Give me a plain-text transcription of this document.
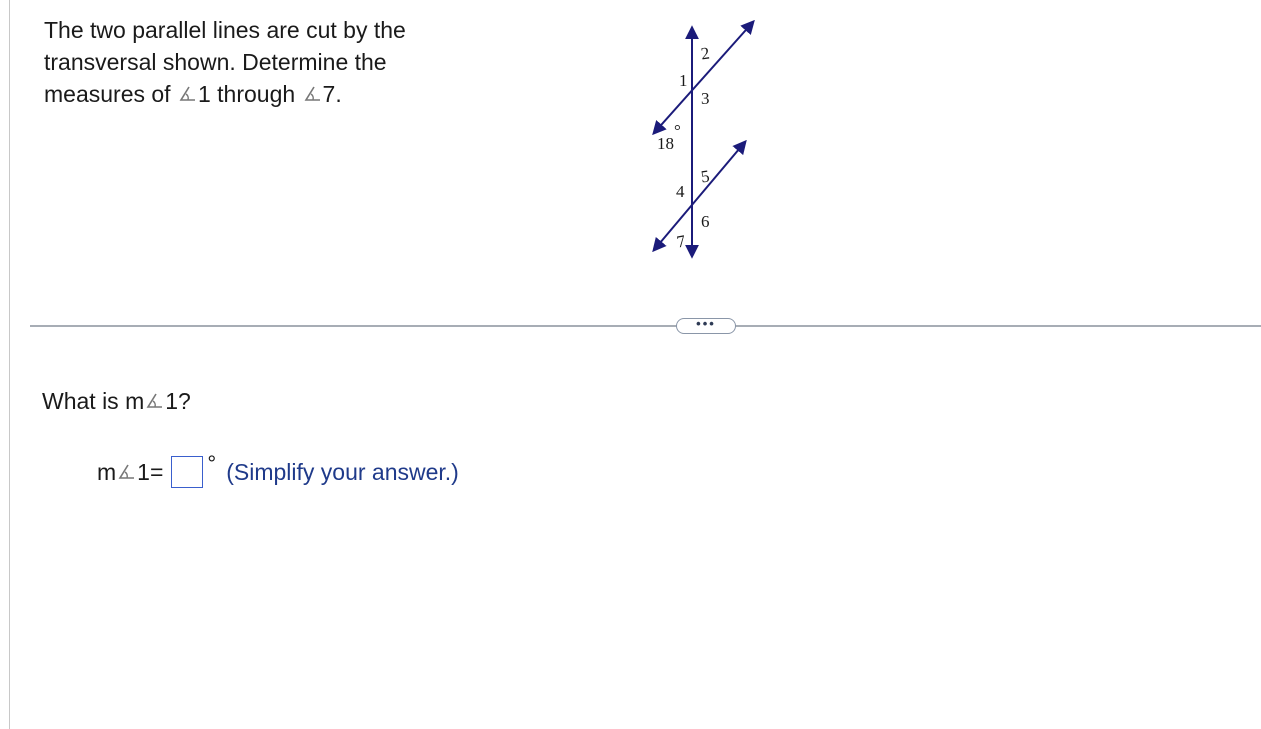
The two parallel lines are cut by the transversal shown. Determine the measures of 1 through 7.
1
2
3
18
°
4
5
6
7
•••
What is m 1?
m 1 = ° (Simplify your answer.)
